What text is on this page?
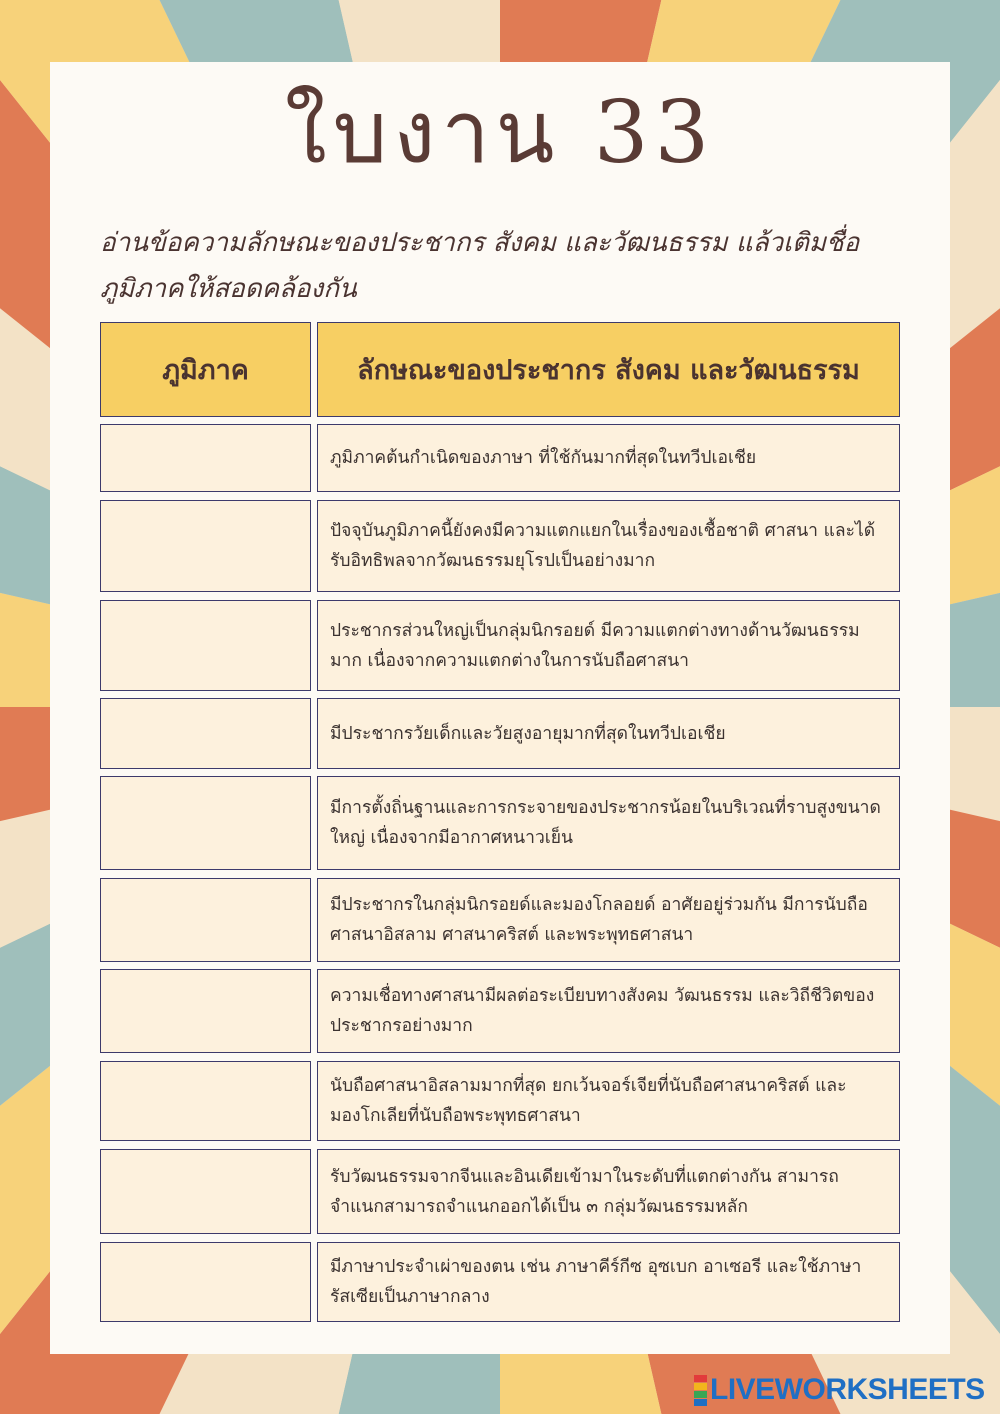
ใบงาน 33
อ่านข้อความลักษณะของประชากร สังคม และวัฒนธรรม แล้วเติมชื่อภูมิภาคให้สอดคล้องกัน
ภูมิภาค	ลักษณะของประชากร สังคม และวัฒนธรรม
ภูมิภาคต้นกำเนิดของภาษา ที่ใช้กันมากที่สุดในทวีปเอเชีย
ปัจจุบันภูมิภาคนี้ยังคงมีความแตกแยกในเรื่องของเชื้อชาติ ศาสนา และได้รับอิทธิพลจากวัฒนธรรมยุโรปเป็นอย่างมาก
ประชากรส่วนใหญ่เป็นกลุ่มนิกรอยด์ มีความแตกต่างทางด้านวัฒนธรรมมาก เนื่องจากความแตกต่างในการนับถือศาสนา
มีประชากรวัยเด็กและวัยสูงอายุมากที่สุดในทวีปเอเชีย
มีการตั้งถิ่นฐานและการกระจายของประชากรน้อยในบริเวณที่ราบสูงขนาดใหญ่ เนื่องจากมีอากาศหนาวเย็น
มีประชากรในกลุ่มนิกรอยด์และมองโกลอยด์ อาศัยอยู่ร่วมกัน มีการนับถือศาสนาอิสลาม ศาสนาคริสต์ และพระพุทธศาสนา
ความเชื่อทางศาสนามีผลต่อระเบียบทางสังคม วัฒนธรรม และวิถีชีวิตของประชากรอย่างมาก
นับถือศาสนาอิสลามมากที่สุด ยกเว้นจอร์เจียที่นับถือศาสนาคริสต์ และมองโกเลียที่นับถือพระพุทธศาสนา
รับวัฒนธรรมจากจีนและอินเดียเข้ามาในระดับที่แตกต่างกัน สามารถจำแนกสามารถจำแนกออกได้เป็น ๓ กลุ่มวัฒนธรรมหลัก
มีภาษาประจำเผ่าของตน เช่น ภาษาคีร์กีซ อุซเบก อาเซอรี และใช้ภาษารัสเซียเป็นภาษากลาง
LIVEWORKSHEETS
